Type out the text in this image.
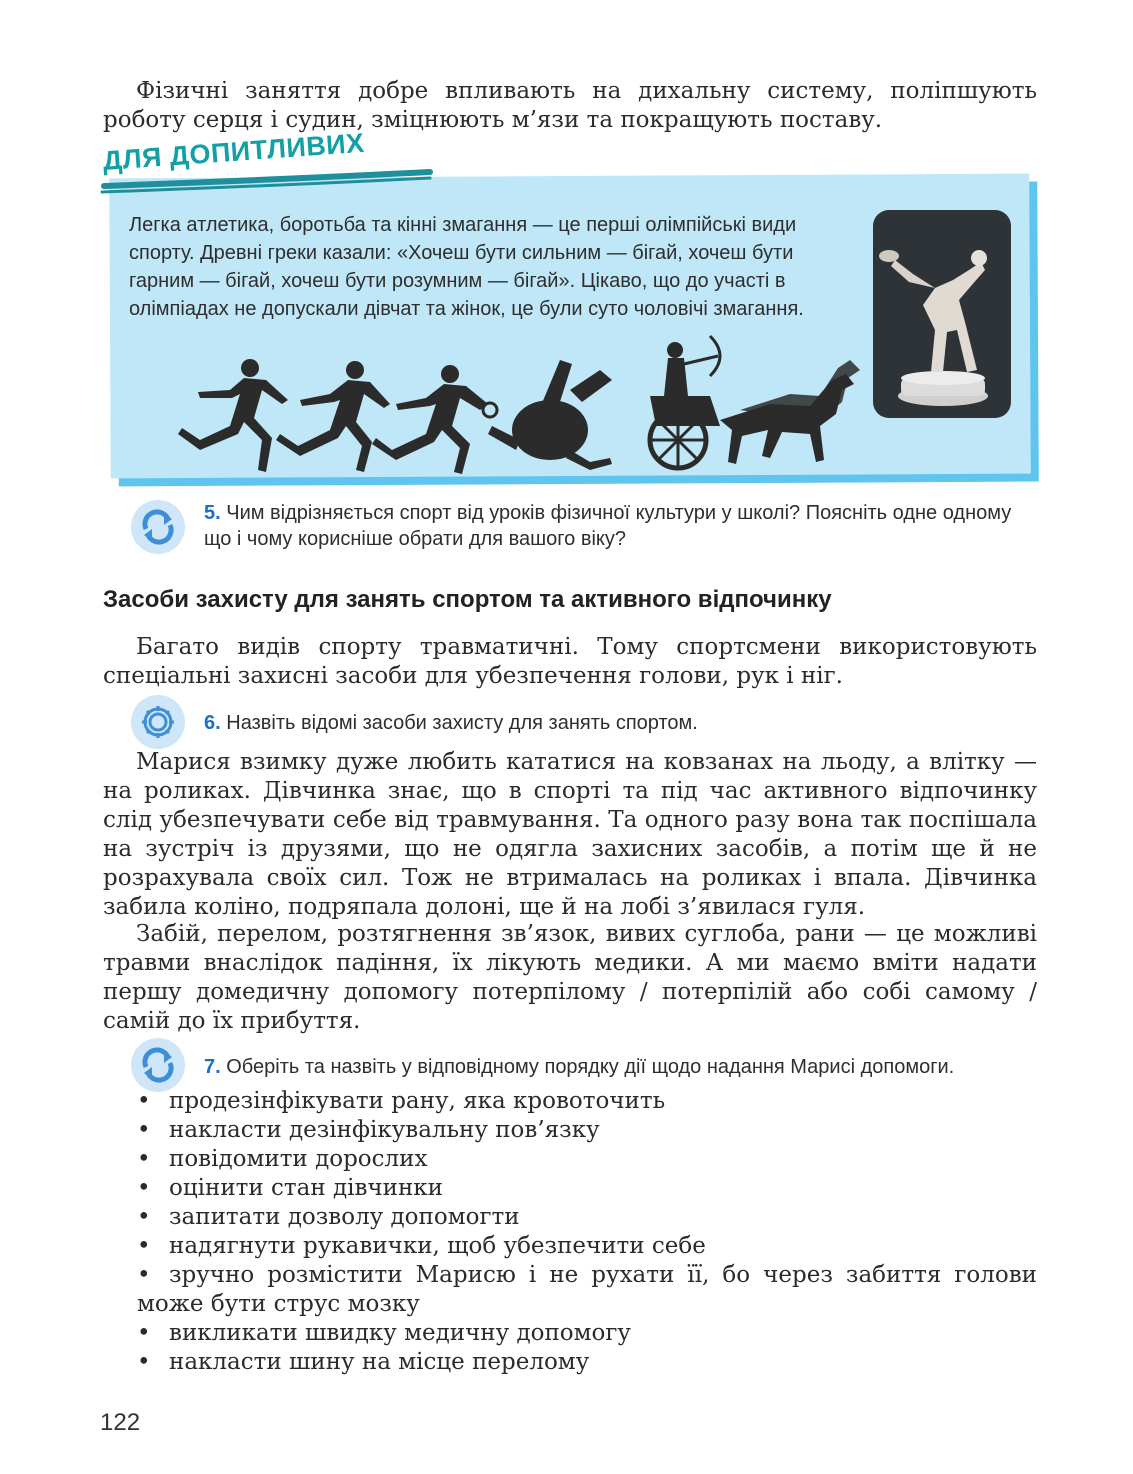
Фізичні заняття добре впливають на дихальну систему, поліпшують роботу серця і судин, зміцнюють м’язи та покращують поставу.
ДЛЯ ДОПИТЛИВИХ
Легка атлетика, боротьба та кінні змагання — це перші олімпійські види спорту. Древні греки казали: «Хочеш бути сильним — бігай, хочеш бути гарним — бігай, хочеш бути розумним — бігай». Цікаво, що до участі в олімпіадах не допускали дівчат та жінок, це були суто чоловічі змагання.
5. Чим відрізняється спорт від уроків фізичної культури у школі? Поясніть одне одному що і чому корисніше обрати для вашого віку?
Засоби захисту для занять спортом та активного відпочинку
Багато видів спорту травматичні. Тому спортсмени використовують спеціальні захисні засоби для убезпечення голови, рук і ніг.
6. Назвіть відомі засоби захисту для занять спортом.
Марися взимку дуже любить кататися на ковзанах на льоду, а влітку — на роликах. Дівчинка знає, що в спорті та під час активного відпочинку слід убезпечувати себе від травмування. Та одного разу вона так поспішала на зустріч із друзями, що не одягла захисних засобів, а потім ще й не розрахувала своїх сил. Тож не втрималась на роликах і впала. Дівчинка забила коліно, подряпала долоні, ще й на лобі з’явилася гуля.
Забій, перелом, розтягнення зв’язок, вивих суглоба, рани — це можливі травми внаслідок падіння, їх лікують медики. А ми маємо вміти надати першу домедичну допомогу потерпілому / потерпілій або собі самому / самій до їх прибуття.
7. Оберіть та назвіть у відповідному порядку дії щодо надання Марисі допомоги.
• продезінфікувати рану, яка кровоточить
• накласти дезінфікувальну пов’язку
• повідомити дорослих
• оцінити стан дівчинки
• запитати дозволу допомогти
• надягнути рукавички, щоб убезпечити себе
• зручно розмістити Марисю і не рухати її, бо через забиття голови може бути струс мозку
• викликати швидку медичну допомогу
• накласти шину на місце перелому
122
